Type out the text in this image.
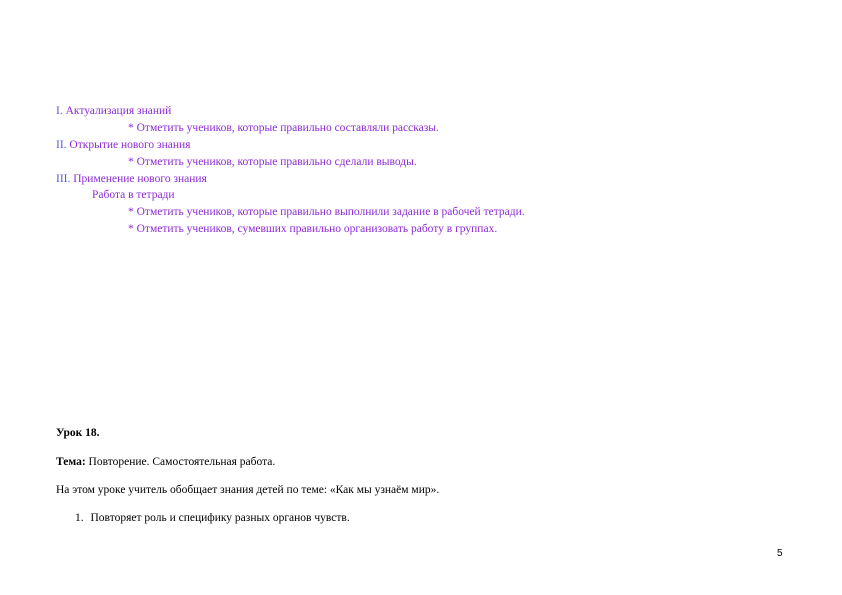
I. Актуализация знаний
* Отметить учеников, которые правильно составляли рассказы.
II. Открытие нового знания
* Отметить учеников, которые правильно сделали выводы.
III. Применение нового знания
Работа в тетради
* Отметить учеников, которые правильно выполнили задание в рабочей тетради.
* Отметить учеников, сумевших правильно организовать работу в группах.
Урок 18.
Тема: Повторение. Самостоятельная работа.
На этом уроке учитель обобщает знания детей по теме: «Как мы узнаём мир».
1. Повторяет роль и специфику разных органов чувств.
5
